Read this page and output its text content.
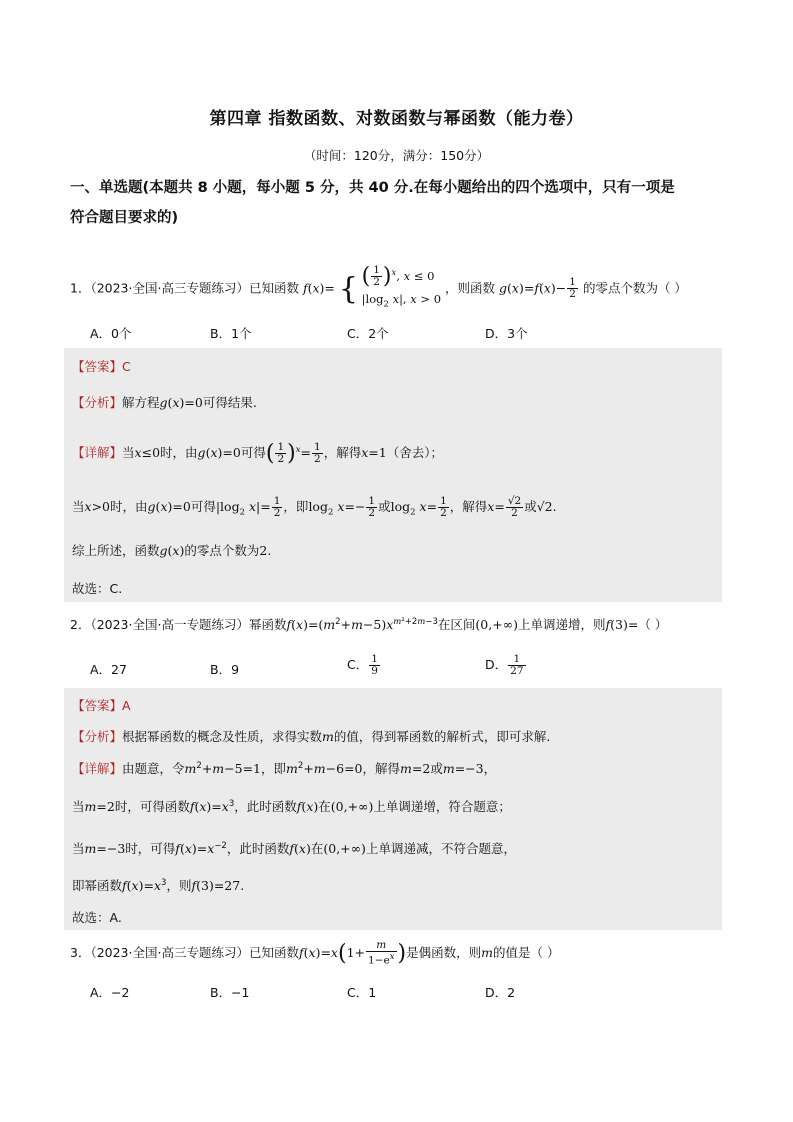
第四章 指数函数、对数函数与幂函数（能力卷）
（时间：120分，满分：150分）
一、单选题(本题共 8 小题，每小题 5 分，共 40 分.在每小题给出的四个选项中，只有一项是
符合题目要求的)
1．（2023·全国·高三专题练习）已知函数 f(x)= { ( $\frac{1}{2} )^x$, x ≤ 0
$|\log_2$ x|, x > 0
，则函数 $g(x)=f(x)- \frac{1}{2}$ 的零点个数为（ ）
A．0个	B．1个	C．2个	D．3个
【答案】C
【分析】解方程g(x)=0可得结果.
【详解】当x≤0时，由g(x)=0可得( $\frac{1}{2} )^x= \frac{1}{2}$ ，解得x=1（舍去）；
当x>0时，由g(x)=0可得$|\log_2$ $x|= \frac{1}{2}$ ，即$\log_2 x=- \frac{1}{2}$ 或$\log_2 x= \frac{1}{2}$ ，解得$x= \frac{√2}{2}$ 或√2.
综上所述，函数g(x)的零点个数为2.
故选：C.
2．（2023·全国·高一专题练习）幂函数$f(x)=(m^2+m-5)x^{m^2+2m-3}$在区间(0,+∞)上单调递增，则f(3)=（ ）
A．27	B．9	C． $\frac{1}{9}$	D． $\frac{1}{27}$
【答案】A
【分析】根据幂函数的概念及性质，求得实数m的值，得到幂函数的解析式，即可求解.
【详解】由题意，令$m^2+m-5=1$，即$m^2+m-6=0$，解得m=2或m=−3，
当m=2时，可得函数$f(x)=x^3$，此时函数f(x)在(0,+∞)上单调递增，符合题意；
当m=−3时，可得$f(x)=x^{-2}$，此时函数f(x)在(0,+∞)上单调递减，不符合题意，
即幂函数$f(x)=x^3$，则f(3)=27.
故选：A.
3．（2023·全国·高三专题练习）已知函数$f(x)=x(1+ \frac{m}{1-e^x}$ )是偶函数，则m的值是（ ）
A．−2	B．−1	C．1	D．2
